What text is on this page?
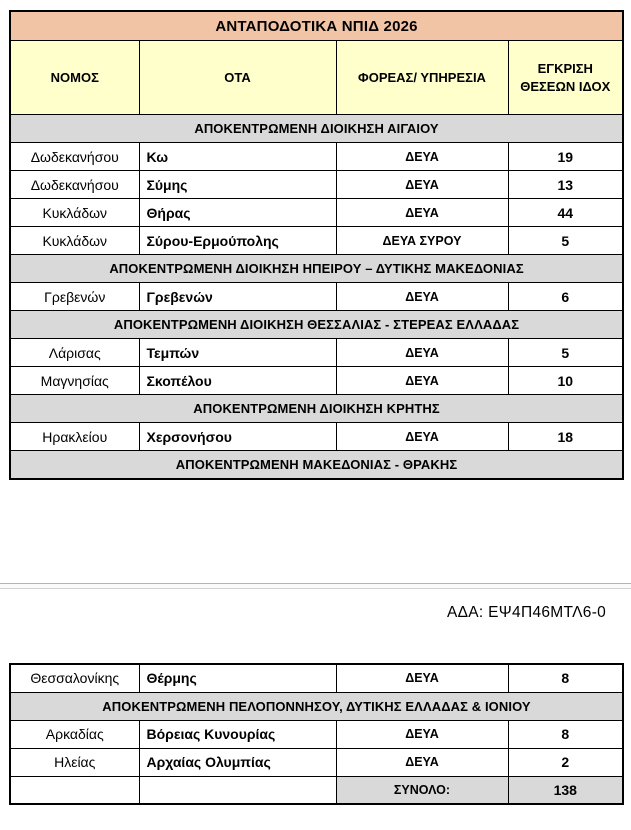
ΑΝΤΑΠΟΔΟΤΙΚΑ ΝΠΙΔ 2026			
ΝΟΜΟΣ	ΟΤΑ	ΦΟΡΕΑΣ/ ΥΠΗΡΕΣΙΑ	ΕΓΚΡΙΣΗ ΘΕΣΕΩΝ ΙΔΟΧ
ΑΠΟΚΕΝΤΡΩΜΕΝΗ ΔΙΟΙΚΗΣΗ ΑΙΓΑΙΟΥ			
Δωδεκανήσου	Κω	ΔΕΥΑ	19
Δωδεκανήσου	Σύμης	ΔΕΥΑ	13
Κυκλάδων	Θήρας	ΔΕΥΑ	44
Κυκλάδων	Σύρου-Ερμούπολης	ΔΕΥΑ ΣΥΡΟΥ	5
ΑΠΟΚΕΝΤΡΩΜΕΝΗ ΔΙΟΙΚΗΣΗ ΗΠΕΙΡΟΥ – ΔΥΤΙΚΗΣ ΜΑΚΕΔΟΝΙΑΣ			
Γρεβενών	Γρεβενών	ΔΕΥΑ	6
ΑΠΟΚΕΝΤΡΩΜΕΝΗ ΔΙΟΙΚΗΣΗ ΘΕΣΣΑΛΙΑΣ - ΣΤΕΡΕΑΣ ΕΛΛΑΔΑΣ			
Λάρισας	Τεμπών	ΔΕΥΑ	5
Μαγνησίας	Σκοπέλου	ΔΕΥΑ	10
ΑΠΟΚΕΝΤΡΩΜΕΝΗ ΔΙΟΙΚΗΣΗ ΚΡΗΤΗΣ			
Ηρακλείου	Χερσονήσου	ΔΕΥΑ	18
ΑΠΟΚΕΝΤΡΩΜΕΝΗ ΜΑΚΕΔΟΝΙΑΣ - ΘΡΑΚΗΣ			
ΑΔΑ: ΕΨ4Π46ΜΤΛ6-0
Θεσσαλονίκης	Θέρμης	ΔΕΥΑ	8
ΑΠΟΚΕΝΤΡΩΜΕΝΗ ΠΕΛΟΠΟΝΝΗΣΟΥ, ΔΥΤΙΚΗΣ ΕΛΛΑΔΑΣ & ΙΟΝΙΟΥ			
Αρκαδίας	Βόρειας Κυνουρίας	ΔΕΥΑ	8
Ηλείας	Αρχαίας Ολυμπίας	ΔΕΥΑ	2
		ΣΥΝΟΛΟ:	138
